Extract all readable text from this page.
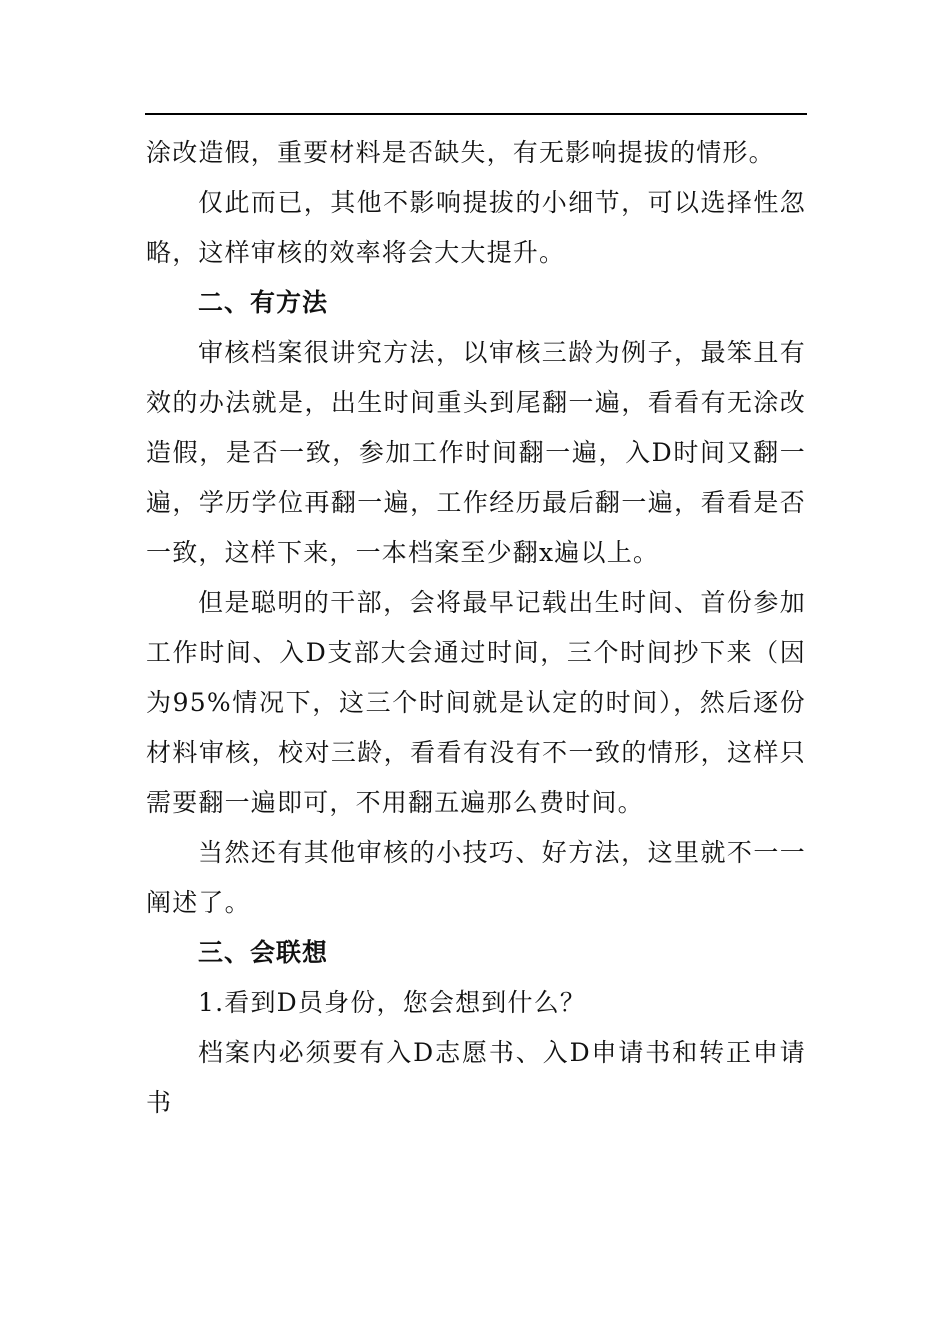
涂改造假，重要材料是否缺失，有无影响提拔的情形。

仅此而已，其他不影响提拔的小细节，可以选择性忽略，这样审核的效率将会大大提升。

二、有方法

审核档案很讲究方法，以审核三龄为例子，最笨且有效的办法就是，出生时间重头到尾翻一遍，看看有无涂改造假，是否一致，参加工作时间翻一遍，入D时间又翻一遍，学历学位再翻一遍，工作经历最后翻一遍，看看是否一致，这样下来，一本档案至少翻x遍以上。

但是聪明的干部，会将最早记载出生时间、首份参加工作时间、入D支部大会通过时间，三个时间抄下来（因为95%情况下，这三个时间就是认定的时间），然后逐份材料审核，校对三龄，看看有没有不一致的情形，这样只需要翻一遍即可，不用翻五遍那么费时间。

当然还有其他审核的小技巧、好方法，这里就不一一阐述了。

三、会联想

1.看到D员身份，您会想到什么？

档案内必须要有入D志愿书、入D申请书和转正申请书
